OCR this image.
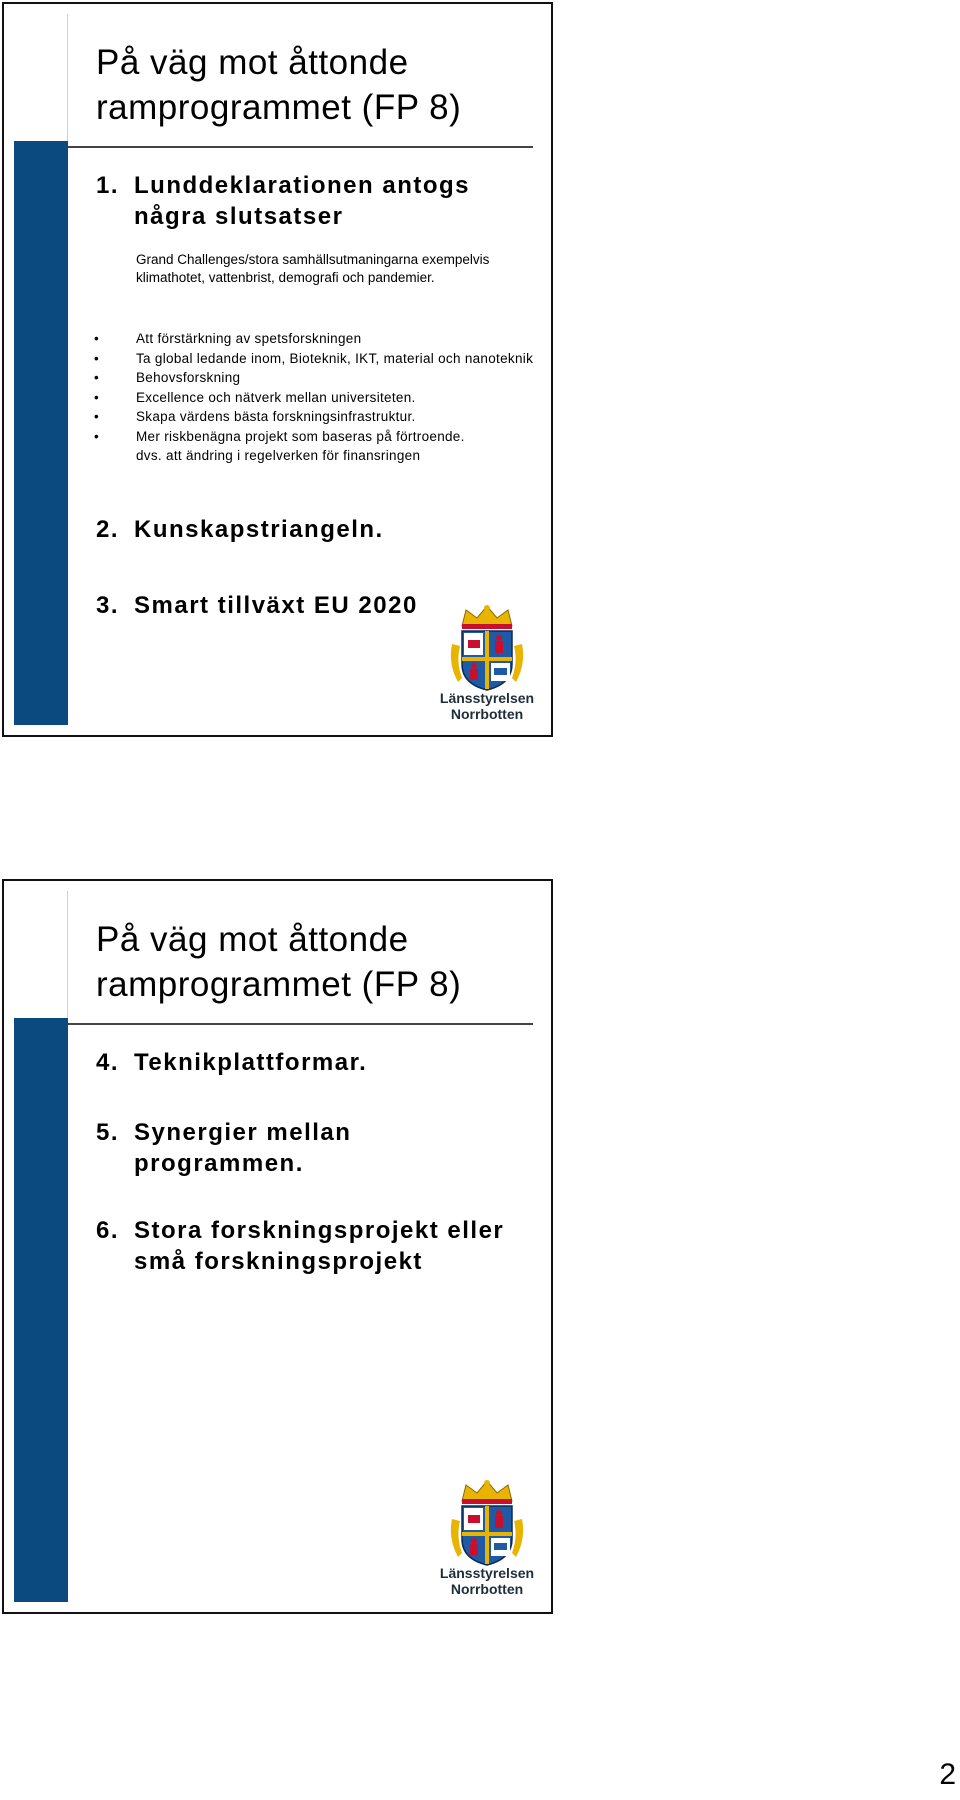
På väg mot åttonde ramprogrammet (FP 8)
1. Lunddeklarationen antogs några slutsatser

Grand Challenges/stora samhällsutmaningarna exempelvis klimathotet, vattenbrist, demografi och pandemier.

•	Att förstärkning av spetsforskningen
•	Ta global ledande inom, Bioteknik, IKT, material och nanoteknik
•	Behovsforskning
•	Excellence och nätverk mellan universiteten.
•	Skapa värdens bästa forskningsinfrastruktur.
•	Mer riskbenägna projekt som baseras på förtroende.
dvs. att ändring i regelverken för finansringen
2. Kunskapstriangeln.
3. Smart tillväxt EU 2020
Länsstyrelsen
Norrbotten
På väg mot åttonde ramprogrammet (FP 8)
4. Teknikplattformar.
5. Synergier mellan programmen.
6. Stora forskningsprojekt eller små forskningsprojekt
Länsstyrelsen
Norrbotten
2
